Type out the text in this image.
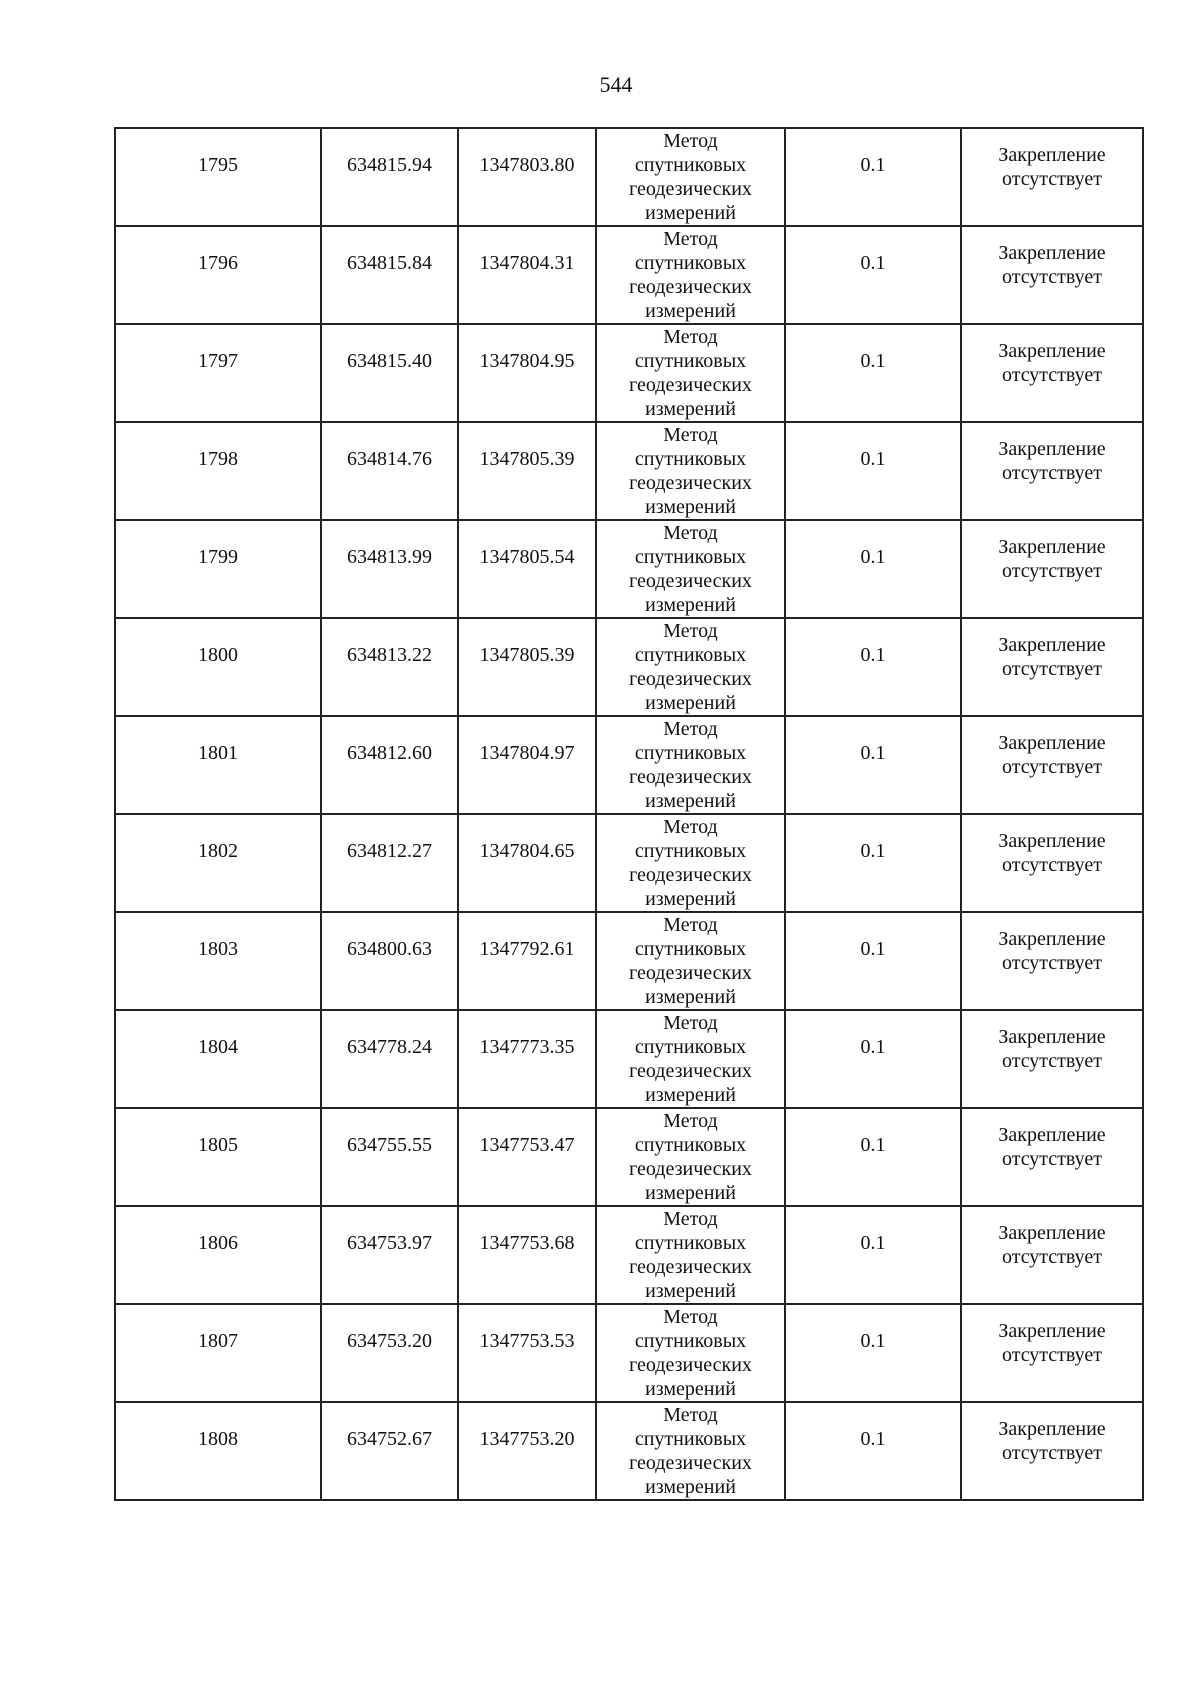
544
1795	634815.94	1347803.80	Метод спутниковых геодезических измерений	0.1	Закрепление отсутствует

1796	634815.84	1347804.31	Метод спутниковых геодезических измерений	0.1	Закрепление отсутствует

1797	634815.40	1347804.95	Метод спутниковых геодезических измерений	0.1	Закрепление отсутствует

1798	634814.76	1347805.39	Метод спутниковых геодезических измерений	0.1	Закрепление отсутствует

1799	634813.99	1347805.54	Метод спутниковых геодезических измерений	0.1	Закрепление отсутствует

1800	634813.22	1347805.39	Метод спутниковых геодезических измерений	0.1	Закрепление отсутствует

1801	634812.60	1347804.97	Метод спутниковых геодезических измерений	0.1	Закрепление отсутствует

1802	634812.27	1347804.65	Метод спутниковых геодезических измерений	0.1	Закрепление отсутствует

1803	634800.63	1347792.61	Метод спутниковых геодезических измерений	0.1	Закрепление отсутствует

1804	634778.24	1347773.35	Метод спутниковых геодезических измерений	0.1	Закрепление отсутствует

1805	634755.55	1347753.47	Метод спутниковых геодезических измерений	0.1	Закрепление отсутствует

1806	634753.97	1347753.68	Метод спутниковых геодезических измерений	0.1	Закрепление отсутствует

1807	634753.20	1347753.53	Метод спутниковых геодезических измерений	0.1	Закрепление отсутствует

1808	634752.67	1347753.20	Метод спутниковых геодезических измерений	0.1	Закрепление отсутствует
